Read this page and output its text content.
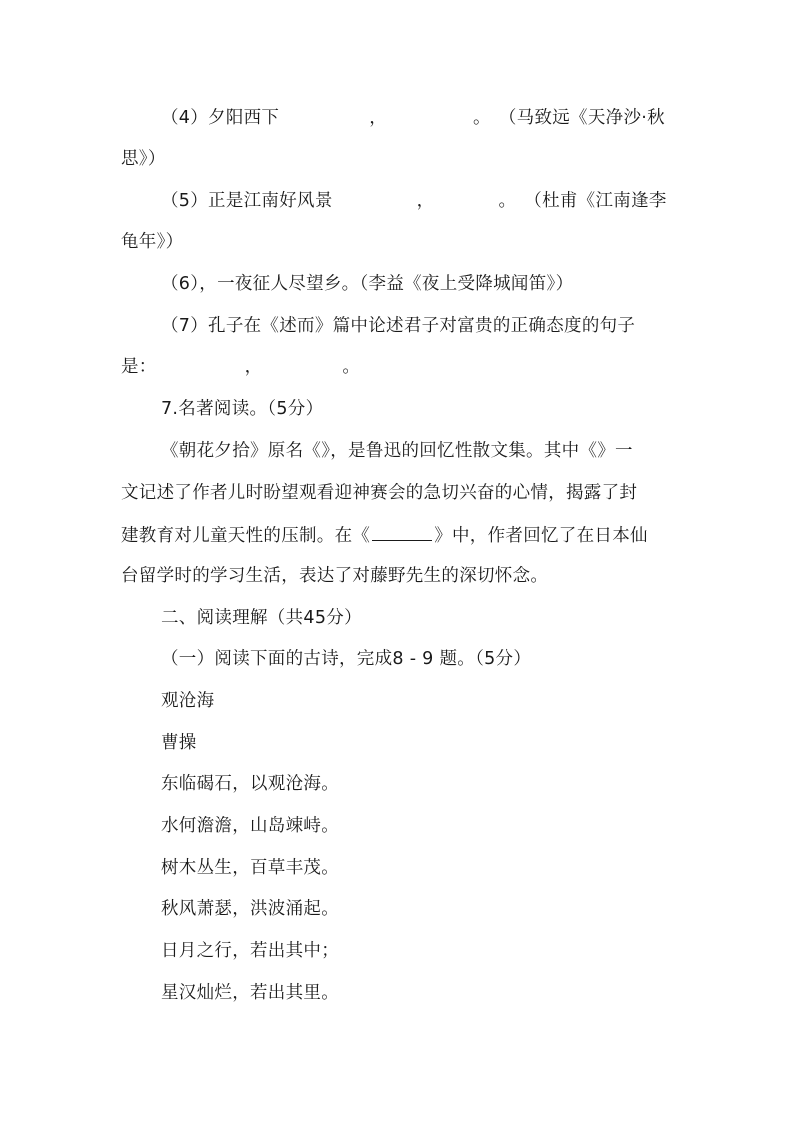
（4）夕阳西下	，	。 （马致远《天净沙·秋
思》）
（5）正是江南好风景	，	。 （杜甫《江南逢李
龟年》）
（6），一夜征人尽望乡。（李益《夜上受降城闻笛》）
（7）孔子在《述而》篇中论述君子对富贵的正确态度的句子
是：	，	。
7.名著阅读。（5分）
《朝花夕拾》原名《》，是鲁迅的回忆性散文集。其中《》一
文记述了作者儿时盼望观看迎神赛会的急切兴奋的心情，揭露了封
建教育对儿童天性的压制。在《	》中，作者回忆了在日本仙
台留学时的学习生活，表达了对藤野先生的深切怀念。
二、阅读理解（共45分）
（一）阅读下面的古诗，完成8 - 9 题。（5分）
观沧海
曹操
东临碣石，以观沧海。
水何澹澹，山岛竦峙。
树木丛生，百草丰茂。
秋风萧瑟，洪波涌起。
日月之行，若出其中；
星汉灿烂，若出其里。
